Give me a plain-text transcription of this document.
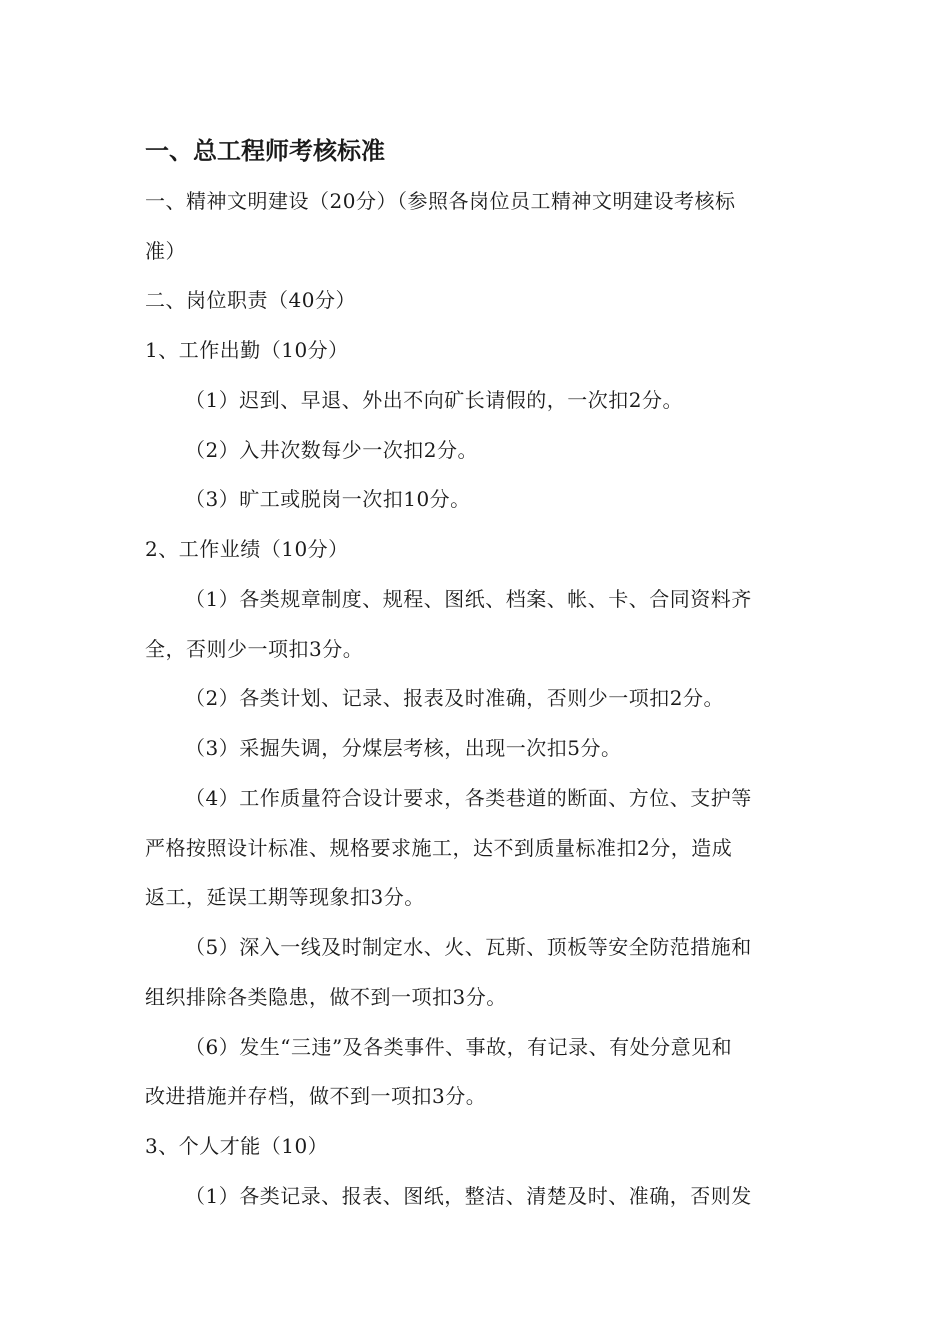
一、总工程师考核标准
一、精神文明建设（20分）（参照各岗位员工精神文明建设考核标
准）
二、岗位职责（40分）
1、工作出勤（10分）
（1）迟到、早退、外出不向矿长请假的，一次扣2分。
（2）入井次数每少一次扣2分。
（3）旷工或脱岗一次扣10分。
2、工作业绩（10分）
（1）各类规章制度、规程、图纸、档案、帐、卡、合同资料齐
全，否则少一项扣3分。
（2）各类计划、记录、报表及时准确，否则少一项扣2分。
（3）采掘失调，分煤层考核，出现一次扣5分。
（4）工作质量符合设计要求，各类巷道的断面、方位、支护等
严格按照设计标准、规格要求施工，达不到质量标准扣2分，造成
返工，延误工期等现象扣3分。
（5）深入一线及时制定水、火、瓦斯、顶板等安全防范措施和
组织排除各类隐患，做不到一项扣3分。
（6）发生“三违”及各类事件、事故，有记录、有处分意见和
改进措施并存档，做不到一项扣3分。
3、个人才能（10）
（1）各类记录、报表、图纸，整洁、清楚及时、准确，否则发
